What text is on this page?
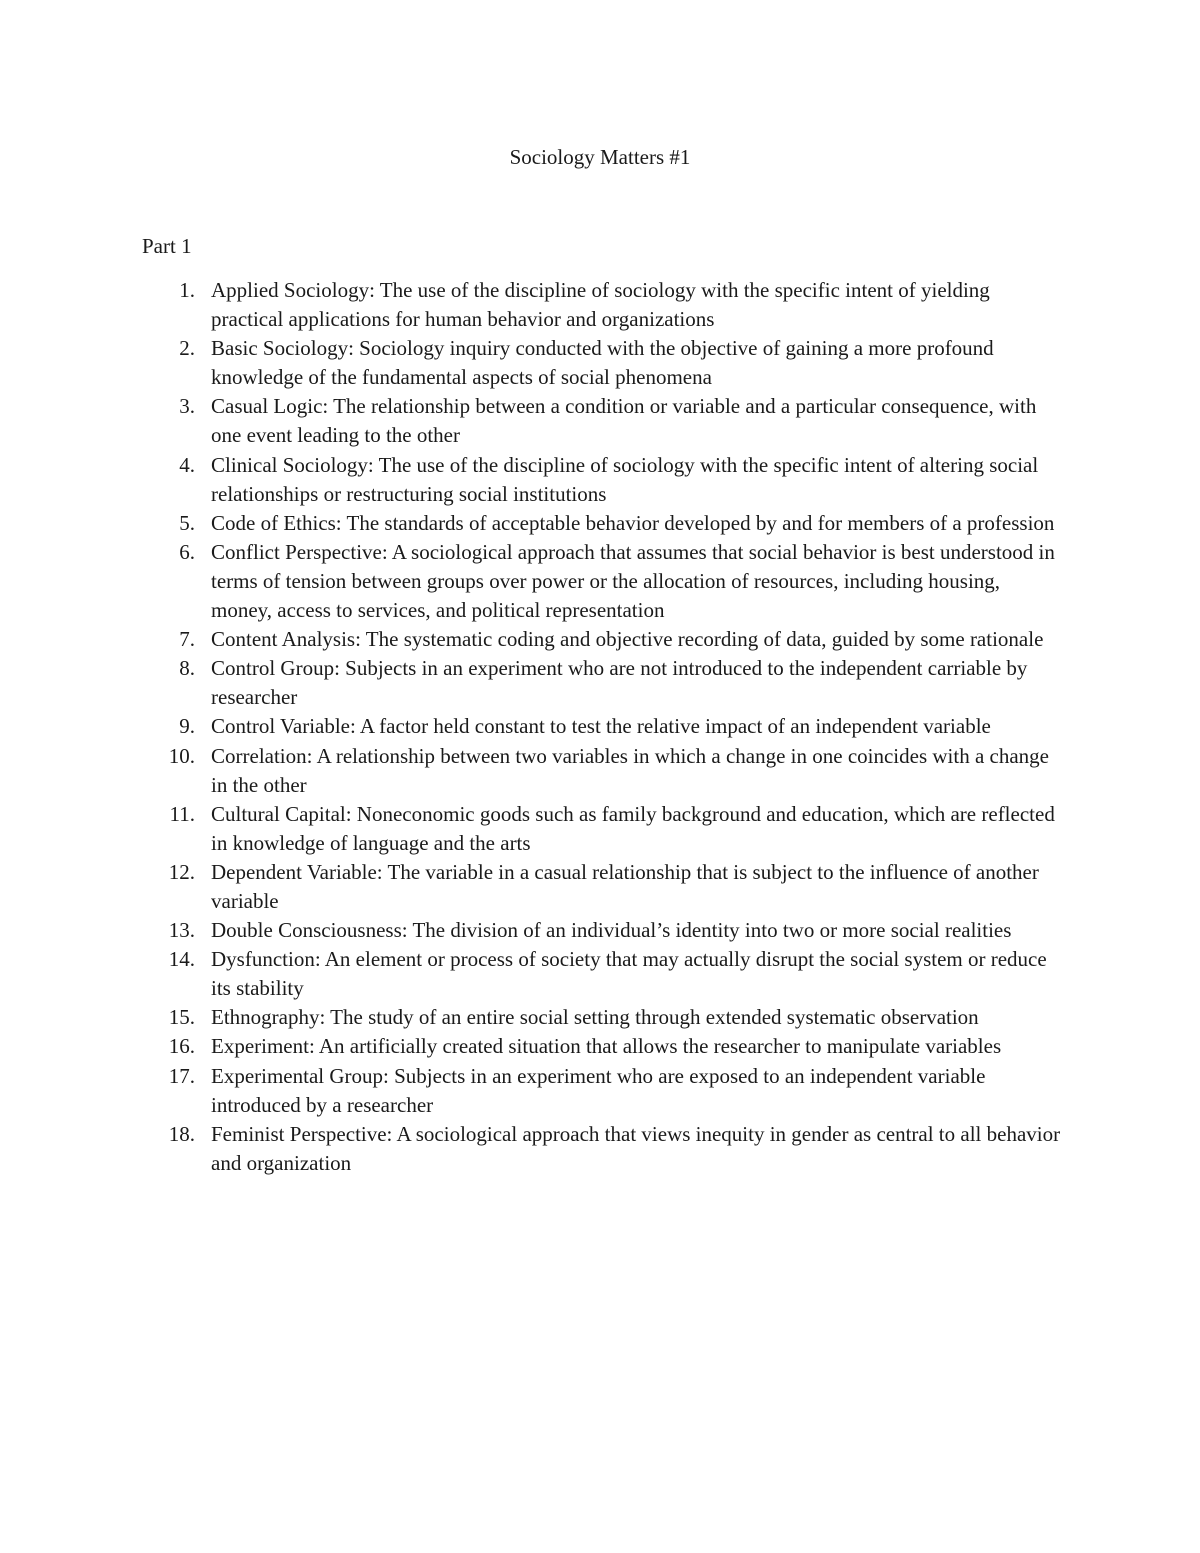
Sociology Matters #1
Part 1
1. Applied Sociology: The use of the discipline of sociology with the specific intent of yielding practical applications for human behavior and organizations
2. Basic Sociology: Sociology inquiry conducted with the objective of gaining a more profound knowledge of the fundamental aspects of social phenomena
3. Casual Logic: The relationship between a condition or variable and a particular consequence, with one event leading to the other
4. Clinical Sociology: The use of the discipline of sociology with the specific intent of altering social relationships or restructuring social institutions
5. Code of Ethics: The standards of acceptable behavior developed by and for members of a profession
6. Conflict Perspective: A sociological approach that assumes that social behavior is best understood in terms of tension between groups over power or the allocation of resources, including housing, money, access to services, and political representation
7. Content Analysis: The systematic coding and objective recording of data, guided by some rationale
8. Control Group: Subjects in an experiment who are not introduced to the independent carriable by researcher
9. Control Variable: A factor held constant to test the relative impact of an independent variable
10. Correlation: A relationship between two variables in which a change in one coincides with a change in the other
11. Cultural Capital: Noneconomic goods such as family background and education, which are reflected in knowledge of language and the arts
12. Dependent Variable: The variable in a casual relationship that is subject to the influence of another variable
13. Double Consciousness: The division of an individual’s identity into two or more social realities
14. Dysfunction: An element or process of society that may actually disrupt the social system or reduce its stability
15. Ethnography: The study of an entire social setting through extended systematic observation
16. Experiment: An artificially created situation that allows the researcher to manipulate variables
17. Experimental Group: Subjects in an experiment who are exposed to an independent variable introduced by a researcher
18. Feminist Perspective: A sociological approach that views inequity in gender as central to all behavior and organization
